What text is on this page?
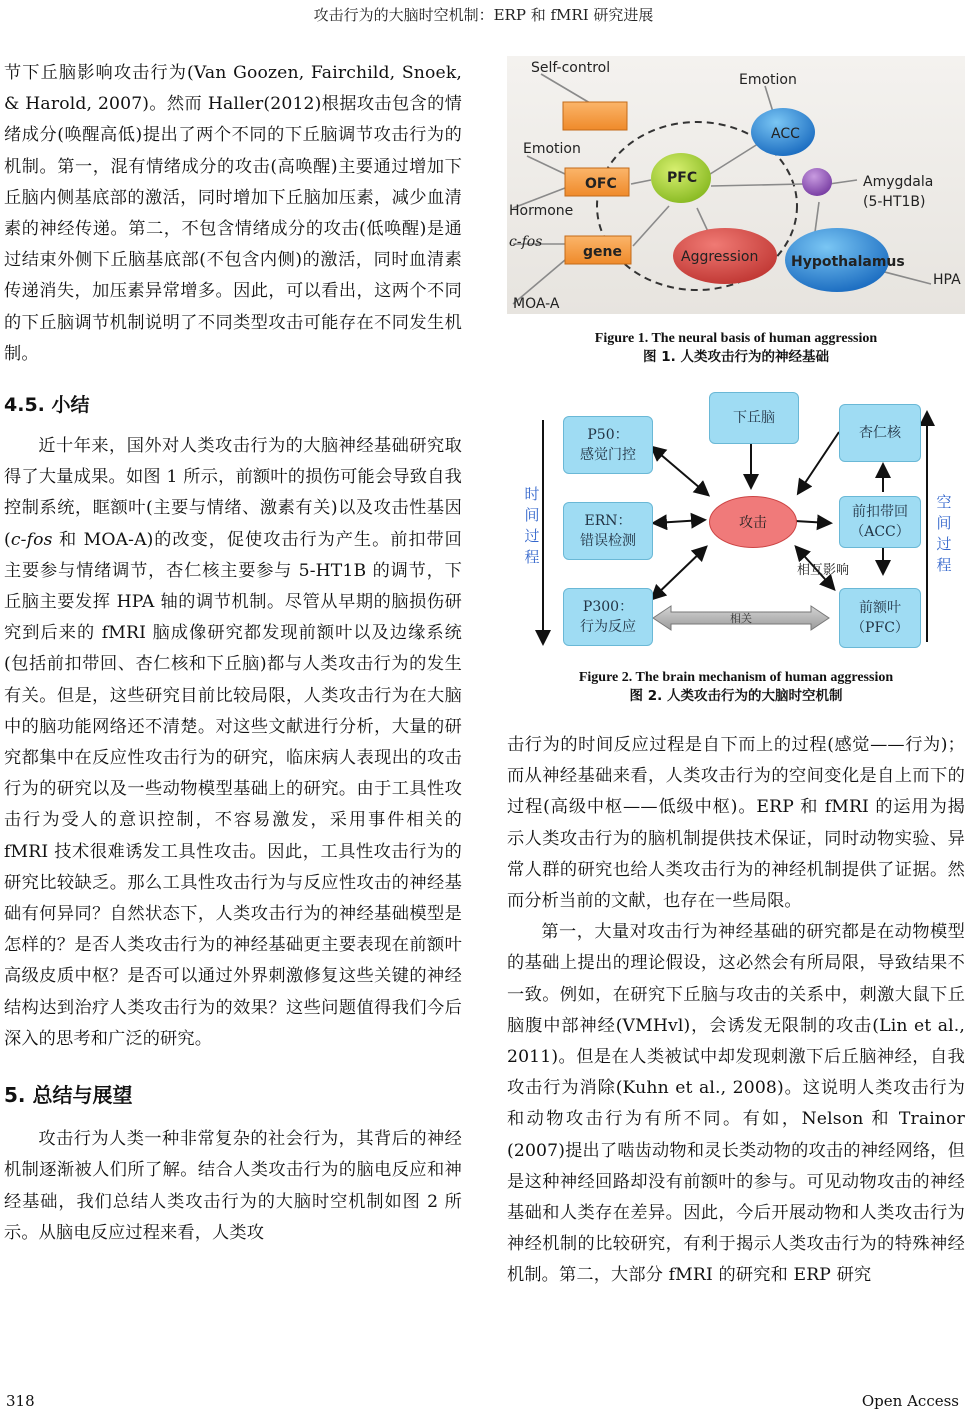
攻击行为的大脑时空机制：ERP 和 fMRI 研究进展

节下丘脑影响攻击行为(Van Goozen, Fairchild, Snoek, & Harold, 2007)。然而 Haller(2012)根据攻击包含的情绪成分(唤醒高低)提出了两个不同的下丘脑调节攻击行为的机制。第一，混有情绪成分的攻击(高唤醒)主要通过增加下丘脑内侧基底部的激活，同时增加下丘脑加压素，减少血清素的神经传递。第二，不包含情绪成分的攻击(低唤醒)是通过结束外侧下丘脑基底部(不包含内侧)的激活，同时血清素传递消失，加压素异常增多。因此，可以看出，这两个不同的下丘脑调节机制说明了不同类型攻击可能存在不同发生机制。

4.5. 小结

近十年来，国外对人类攻击行为的大脑神经基础研究取得了大量成果。如图 1 所示，前额叶的损伤可能会导致自我控制系统，眶额叶(主要与情绪、激素有关)以及攻击性基因(c-fos 和 MOA-A)的改变，促使攻击行为产生。前扣带回主要参与情绪调节，杏仁核主要参与 5-HT1B 的调节，下丘脑主要发挥 HPA 轴的调节机制。尽管从早期的脑损伤研究到后来的 fMRI 脑成像研究都发现前额叶以及边缘系统(包括前扣带回、杏仁核和下丘脑)都与人类攻击行为的发生有关。但是，这些研究目前比较局限，人类攻击行为在大脑中的脑功能网络还不清楚。对这些文献进行分析，大量的研究都集中在反应性攻击行为的研究，临床病人表现出的攻击行为的研究以及一些动物模型基础上的研究。由于工具性攻击行为受人的意识控制，不容易激发，采用事件相关的 fMRI 技术很难诱发工具性攻击。因此，工具性攻击行为的研究比较缺乏。那么工具性攻击行为与反应性攻击的神经基础有何异同？自然状态下，人类攻击行为的神经基础模型是怎样的？是否人类攻击行为的神经基础更主要表现在前额叶高级皮质中枢？是否可以通过外界刺激修复这些关键的神经结构达到治疗人类攻击行为的效果？这些问题值得我们今后深入的思考和广泛的研究。

5. 总结与展望

攻击行为人类一种非常复杂的社会行为，其背后的神经机制逐渐被人们所了解。结合人类攻击行为的脑电反应和神经基础，我们总结人类攻击行为的大脑时空机制如图 2 所示。从脑电反应过程来看，人类攻

Self-control
Emotion
Emotion
OFC	PFC
ACC
Amygdala
(5-HT1B)
Hormone
c-fos
gene	Aggression Hypothalamus
HPA
MOA-A
Figure 1. The neural basis of human aggression
图 1. 人类攻击行为的神经基础
相关
相互影响
P50：
感觉门控
ERN：
错误检测
P300：
行为反应
下丘脑
杏仁核
前扣带回
（ACC）
前额叶
（PFC）
攻击
时间过程
空间过程
Figure 2. The brain mechanism of human aggression
图 2. 人类攻击行为的大脑时空机制

击行为的时间反应过程是自下而上的过程(感觉——行为)；而从神经基础来看，人类攻击行为的空间变化是自上而下的过程(高级中枢——低级中枢)。ERP 和 fMRI 的运用为揭示人类攻击行为的脑机制提供技术保证，同时动物实验、异常人群的研究也给人类攻击行为的神经机制提供了证据。然而分析当前的文献，也存在一些局限。

第一，大量对攻击行为神经基础的研究都是在动物模型的基础上提出的理论假设，这必然会有所局限，导致结果不一致。例如，在研究下丘脑与攻击的关系中，刺激大鼠下丘脑腹中部神经(VMHvl)，会诱发无限制的攻击(Lin et al., 2011)。但是在人类被试中却发现刺激下后丘脑神经，自我攻击行为消除(Kuhn et al., 2008)。这说明人类攻击行为和动物攻击行为有所不同。有如，Nelson 和 Trainor (2007)提出了啮齿动物和灵长类动物的攻击的神经网络，但是这种神经回路却没有前额叶的参与。可见动物攻击的神经基础和人类存在差异。因此，今后开展动物和人类攻击行为神经机制的比较研究，有利于揭示人类攻击行为的特殊神经机制。第二，大部分 fMRI 的研究和 ERP 研究

318	Open Access
